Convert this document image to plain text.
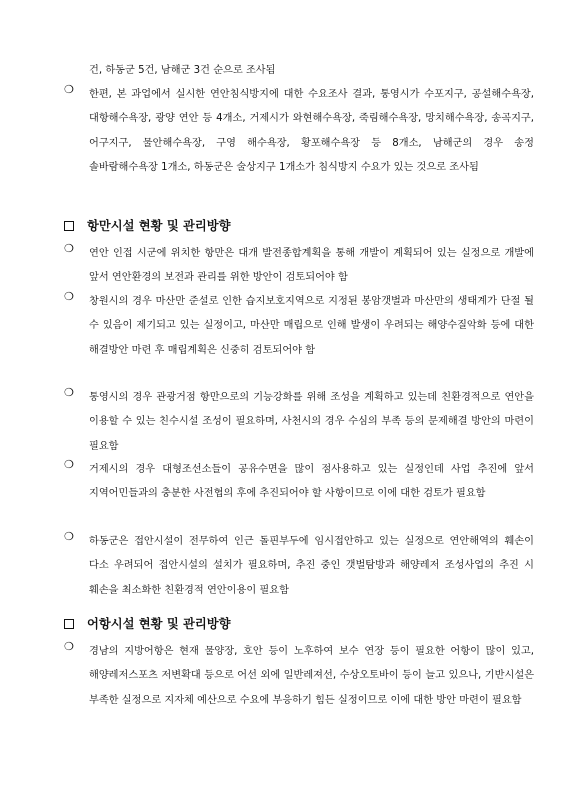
건, 하동군 5건, 남해군 3건 순으로 조사됨
❍ 한편, 본 과업에서 실시한 연안침식방지에 대한 수요조사 결과, 통영시가 수포지구, 공설해수욕장, 대항해수욕장, 광양 연안 등 4개소, 거제시가 와현해수욕장, 죽림해수욕장, 망치해수욕장, 송곡지구, 어구지구, 물안해수욕장, 구영 해수욕장, 황포해수욕장 등 8개소, 남해군의 경우 송정 솔바람해수욕장 1개소, 하동군은 술상지구 1개소가 침식방지 수요가 있는 것으로 조사됨
항만시설 현황 및 관리방향
❍ 연안 인접 시군에 위치한 항만은 대개 발전종합계획을 통해 개발이 계획되어 있는 실정으로 개발에 앞서 연안환경의 보전과 관리를 위한 방안이 검토되어야 함
❍ 창원시의 경우 마산만 준설로 인한 습지보호지역으로 지정된 봉암갯벌과 마산만의 생태계가 단절 될 수 있음이 제기되고 있는 실정이고, 마산만 매립으로 인해 발생이 우려되는 해양수질악화 등에 대한 해결방안 마련 후 매립계획은 신중히 검토되어야 함
❍ 통영시의 경우 관광거점 항만으로의 기능강화를 위해 조성을 계획하고 있는데 친환경적으로 연안을 이용할 수 있는 친수시설 조성이 필요하며, 사천시의 경우 수심의 부족 등의 문제해결 방안의 마련이 필요함
❍ 거제시의 경우 대형조선소들이 공유수면을 많이 점사용하고 있는 실정인데 사업 추진에 앞서 지역어민들과의 충분한 사전협의 후에 추진되어야 할 사항이므로 이에 대한 검토가 필요함
❍ 하동군은 접안시설이 전무하여 인근 돌핀부두에 임시접안하고 있는 실정으로 연안해역의 훼손이 다소 우려되어 접안시설의 설치가 필요하며, 추진 중인 갯벌탐방과 해양레저 조성사업의 추진 시 훼손을 최소화한 친환경적 연안이용이 필요함
어항시설 현황 및 관리방향
❍ 경남의 지방어항은 현재 물양장, 호안 등이 노후하여 보수 연장 등이 필요한 어항이 많이 있고, 해양레저스포츠 저변확대 등으로 어선 외에 일반레져선, 수상오토바이 등이 늘고 있으나, 기반시설은 부족한 실정으로 지자체 예산으로 수요에 부응하기 힘든 실정이므로 이에 대한 방안 마련이 필요함
